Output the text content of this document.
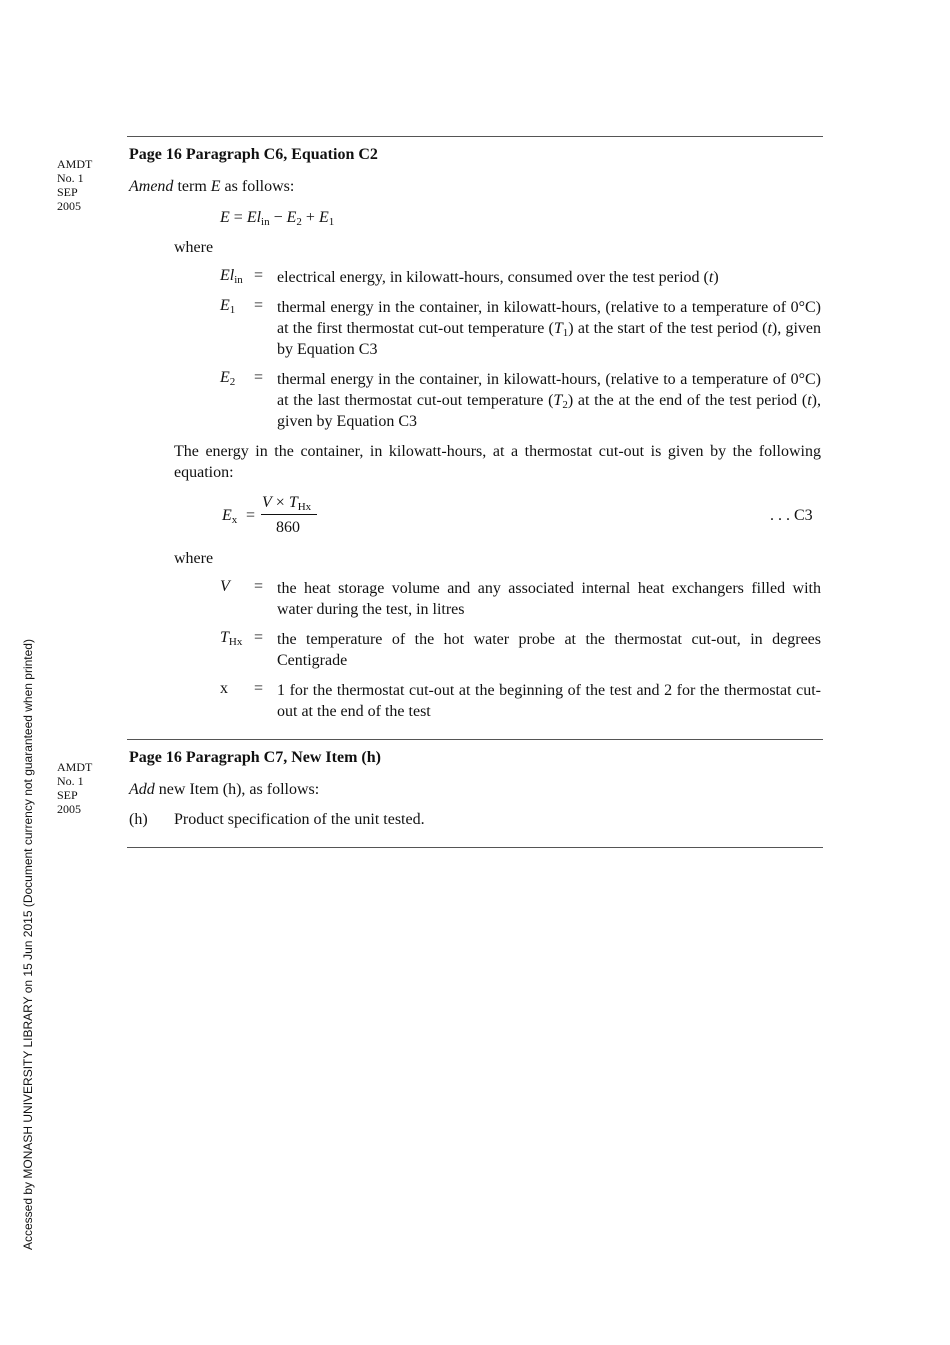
AMDT
No. 1
SEP
2005
Page 16 Paragraph C6, Equation C2
Amend term E as follows:
$E = El_{in} - E_2 + E_1$
where
$El_{in}$ = electrical energy, in kilowatt-hours, consumed over the test period (t)
$E_1$ = thermal energy in the container, in kilowatt-hours, (relative to a temperature of 0°C) at the first thermostat cut-out temperature $(T_1)$ at the start of the test period (t), given by Equation C3
$E_2$ = thermal energy in the container, in kilowatt-hours, (relative to a temperature of 0°C) at the last thermostat cut-out temperature $(T_2)$ at the at the end of the test period (t), given by Equation C3
The energy in the container, in kilowatt-hours, at a thermostat cut-out is given by the following equation:
$E_x$ =
$V \times T_{Hx}$
860
. . . C3
where
V = the heat storage volume and any associated internal heat exchangers filled with water during the test, in litres
$T_{Hx}$ = the temperature of the hot water probe at the thermostat cut-out, in degrees Centigrade
x = 1 for the thermostat cut-out at the beginning of the test and 2 for the thermostat cut-out at the end of the test
AMDT
No. 1
SEP
2005
Page 16 Paragraph C7, New Item (h)
Add new Item (h), as follows:
(h) Product specification of the unit tested.
Accessed by MONASH UNIVERSITY LIBRARY on 15 Jun 2015 (Document currency not guaranteed when printed)
